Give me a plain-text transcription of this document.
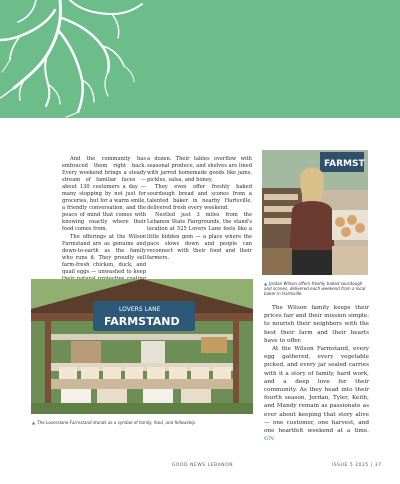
And the community has embraced them right back. Every weekend brings a steady stream of familiar faces — about 130 customers a day — many stopping by not just for groceries, but for a warm smile, a friendly conversation, and the peace of mind that comes with knowing exactly where their food comes from.

The offerings at the Wilson Farmstand are as genuine and down-to-earth as the family who runs it. They proudly sell farm-fresh chicken, duck, and quail eggs — unwashed to keep

a dozen. Their tables overflow with seasonal produce, and shelves are lined with jarred homemade goods like jams, pickles, salsa, and honey.

They even offer freshly baked sourdough bread and scones from a talented baker in nearby Hartsville, delivered fresh every weekend.

Nestled just 3 miles from the Lebanon State Fairgrounds, the stand's location at 525 Lovers Lane feels like a little hidden gem — a place where the pace slows down and people can reconnect with their food and their farmers.

FARMST
▲ Jordan Wilson offers freshly baked sourdough and scones, delivered each weekend from a local baker in Hartsville.
LOVERS LANE
FARMSTAND
▲ The Loverslane Farmstand stands as a symbol of family, food, and fellowship.

The Wilson family keeps their prices fair and their mission simple: to nourish their neighbors with the best their farm and their hearts have to offer.

At the Wilson Farmstand, every egg gathered, every vegetable picked, and every jar sealed carries with it a story of family, hard work, and a deep love for their community. As they head into their fourth season, Jordan, Tyler, Keith, and Mandy remain as passionate as ever about keeping that story alive — one customer, one harvest, and one heartfelt weekend at a time. GN

GOOD NEWS LEBANON	ISSUE 5 2025 | 37
